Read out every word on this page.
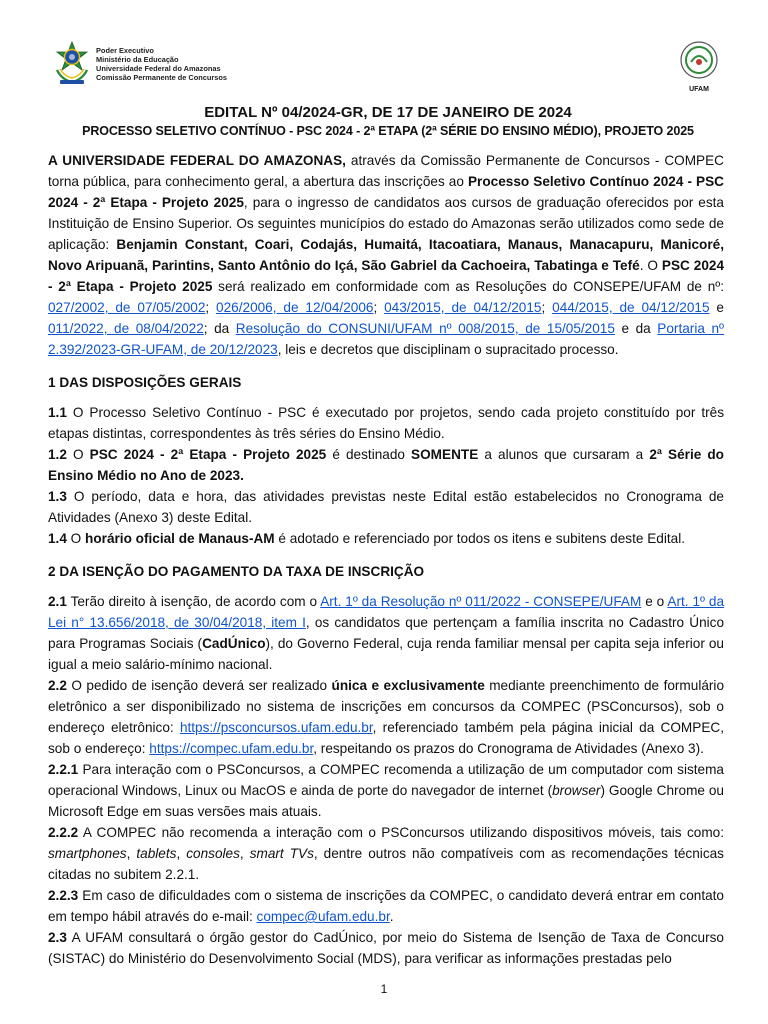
Poder Executivo
Ministério da Educação
Universidade Federal do Amazonas
Comissão Permanente de Concursos
UFAM
EDITAL Nº 04/2024-GR, DE 17 DE JANEIRO DE 2024
PROCESSO SELETIVO CONTÍNUO - PSC 2024 - 2ª ETAPA (2ª SÉRIE DO ENSINO MÉDIO), PROJETO 2025

A UNIVERSIDADE FEDERAL DO AMAZONAS, através da Comissão Permanente de Concursos - COMPEC torna pública, para conhecimento geral, a abertura das inscrições ao Processo Seletivo Contínuo 2024 - PSC 2024 - 2ª Etapa - Projeto 2025, para o ingresso de candidatos aos cursos de graduação oferecidos por esta Instituição de Ensino Superior. Os seguintes municípios do estado do Amazonas serão utilizados como sede de aplicação: Benjamin Constant, Coari, Codajás, Humaitá, Itacoatiara, Manaus, Manacapuru, Manicoré, Novo Aripuanã, Parintins, Santo Antônio do Içá, São Gabriel da Cachoeira, Tabatinga e Tefé. O PSC 2024 - 2ª Etapa - Projeto 2025 será realizado em conformidade com as Resoluções do CONSEPE/UFAM de nº: 027/2002, de 07/05/2002; 026/2006, de 12/04/2006; 043/2015, de 04/12/2015; 044/2015, de 04/12/2015 e 011/2022, de 08/04/2022; da Resolução do CONSUNI/UFAM nº 008/2015, de 15/05/2015 e da Portaria nº 2.392/2023-GR-UFAM, de 20/12/2023, leis e decretos que disciplinam o supracitado processo.

1 DAS DISPOSIÇÕES GERAIS

1.1 O Processo Seletivo Contínuo - PSC é executado por projetos, sendo cada projeto constituído por três etapas distintas, correspondentes às três séries do Ensino Médio.

1.2 O PSC 2024 - 2ª Etapa - Projeto 2025 é destinado SOMENTE a alunos que cursaram a 2ª Série do Ensino Médio no Ano de 2023.

1.3 O período, data e hora, das atividades previstas neste Edital estão estabelecidos no Cronograma de Atividades (Anexo 3) deste Edital.

1.4 O horário oficial de Manaus-AM é adotado e referenciado por todos os itens e subitens deste Edital.

2 DA ISENÇÃO DO PAGAMENTO DA TAXA DE INSCRIÇÃO

2.1 Terão direito à isenção, de acordo com o Art. 1º da Resolução nº 011/2022 - CONSEPE/UFAM e o Art. 1º da Lei n° 13.656/2018, de 30/04/2018, item I, os candidatos que pertençam a família inscrita no Cadastro Único para Programas Sociais (CadÚnico), do Governo Federal, cuja renda familiar mensal per capita seja inferior ou igual a meio salário-mínimo nacional.

2.2 O pedido de isenção deverá ser realizado única e exclusivamente mediante preenchimento de formulário eletrônico a ser disponibilizado no sistema de inscrições em concursos da COMPEC (PSConcursos), sob o endereço eletrônico: https://psconcursos.ufam.edu.br, referenciado também pela página inicial da COMPEC, sob o endereço: https://compec.ufam.edu.br, respeitando os prazos do Cronograma de Atividades (Anexo 3).

2.2.1 Para interação com o PSConcursos, a COMPEC recomenda a utilização de um computador com sistema operacional Windows, Linux ou MacOS e ainda de porte do navegador de internet (browser) Google Chrome ou Microsoft Edge em suas versões mais atuais.

2.2.2 A COMPEC não recomenda a interação com o PSConcursos utilizando dispositivos móveis, tais como: smartphones, tablets, consoles, smart TVs, dentre outros não compatíveis com as recomendações técnicas citadas no subitem 2.2.1.

2.2.3 Em caso de dificuldades com o sistema de inscrições da COMPEC, o candidato deverá entrar em contato em tempo hábil através do e-mail: compec@ufam.edu.br.

2.3 A UFAM consultará o órgão gestor do CadÚnico, por meio do Sistema de Isenção de Taxa de Concurso (SISTAC) do Ministério do Desenvolvimento Social (MDS), para verificar as informações prestadas pelo

1
